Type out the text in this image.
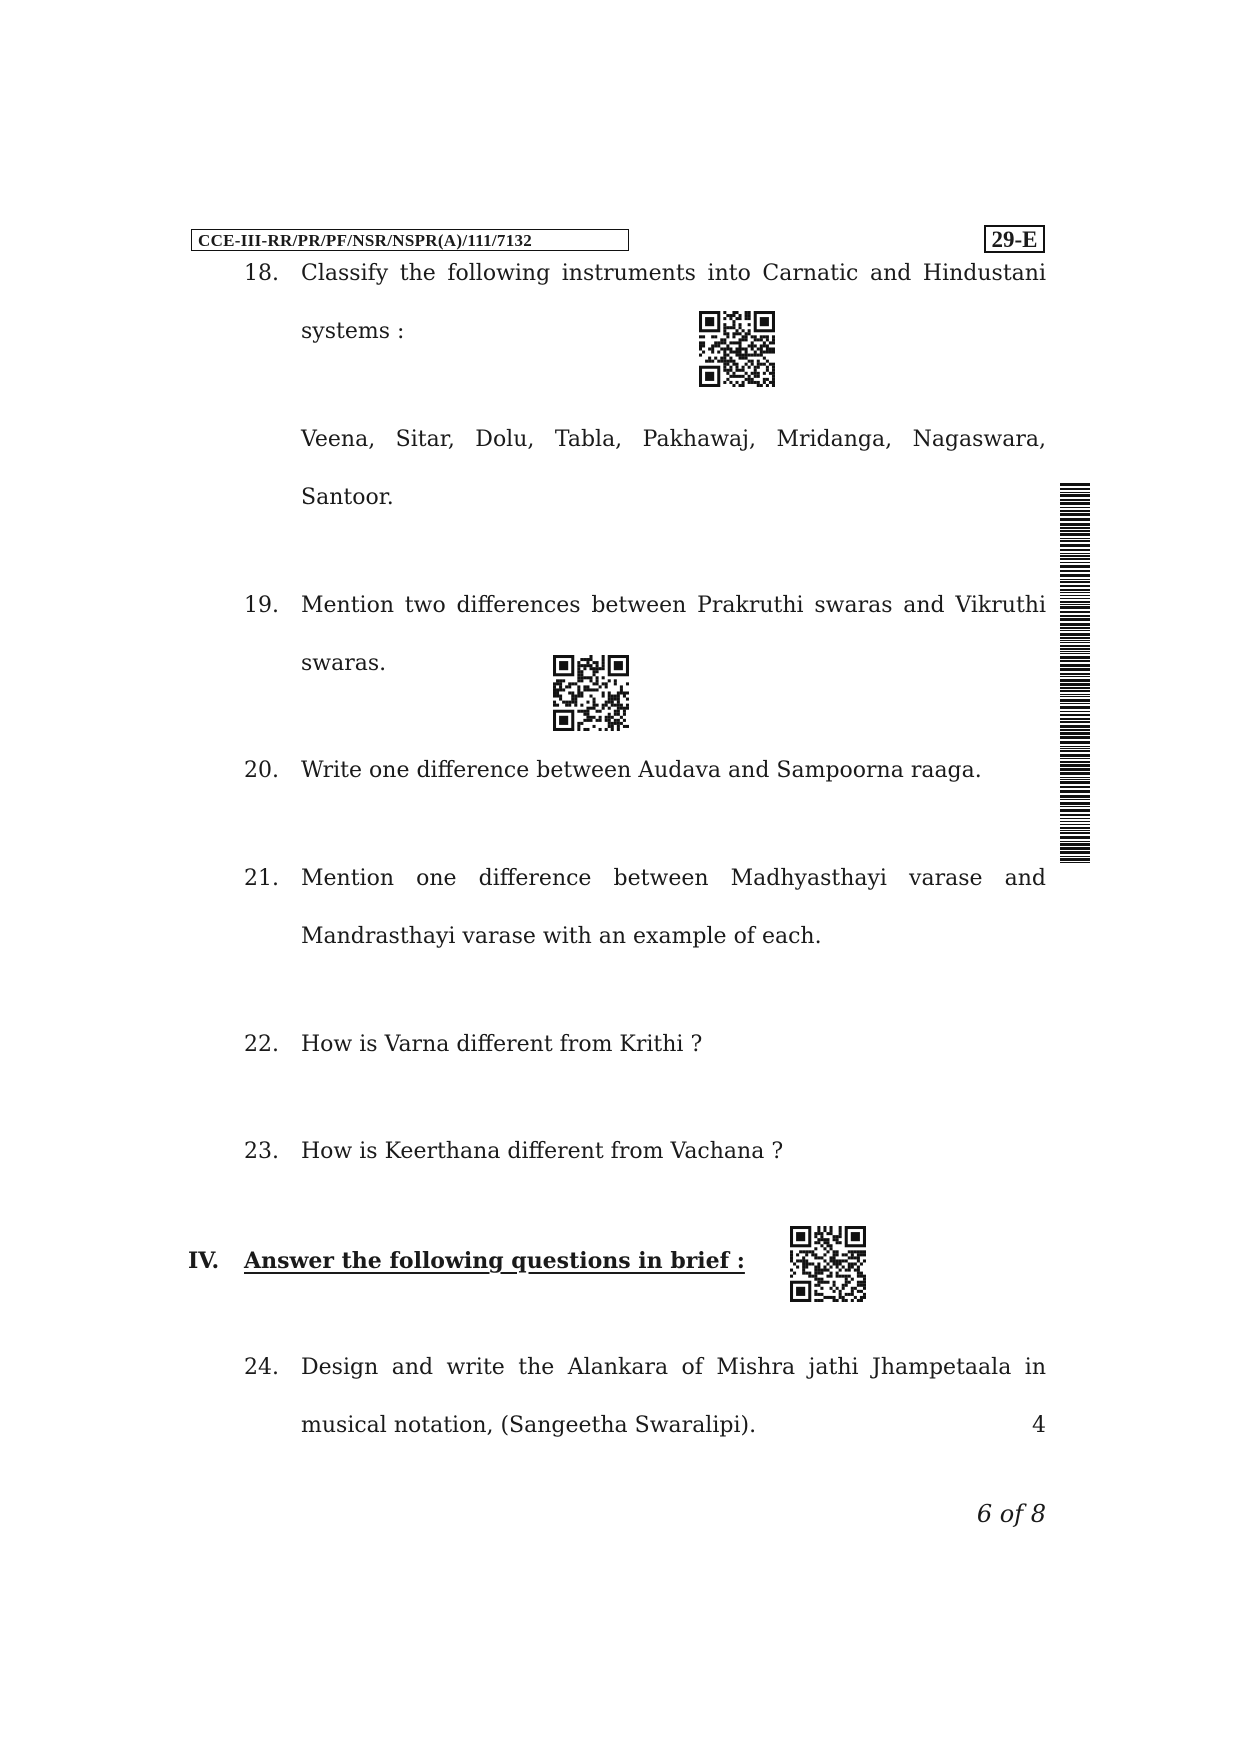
CCE-III-RR/PR/PF/NSR/NSPR(A)/111/7132	29-E
18. Classify the following instruments into Carnatic and Hindustani
systems :
Veena, Sitar, Dolu, Tabla, Pakhawaj, Mridanga, Nagaswara,
Santoor.
19. Mention two differences between Prakruthi swaras and Vikruthi
swaras.
20. Write one difference between Audava and Sampoorna raaga.
21. Mention one difference between Madhyasthayi varase and
Mandrasthayi varase with an example of each.
22. How is Varna different from Krithi ?
23. How is Keerthana different from Vachana ?
IV. Answer the following questions in brief :
24. Design and write the Alankara of Mishra jathi Jhampetaala in
musical notation, (Sangeetha Swaralipi).	4
6 of 8
